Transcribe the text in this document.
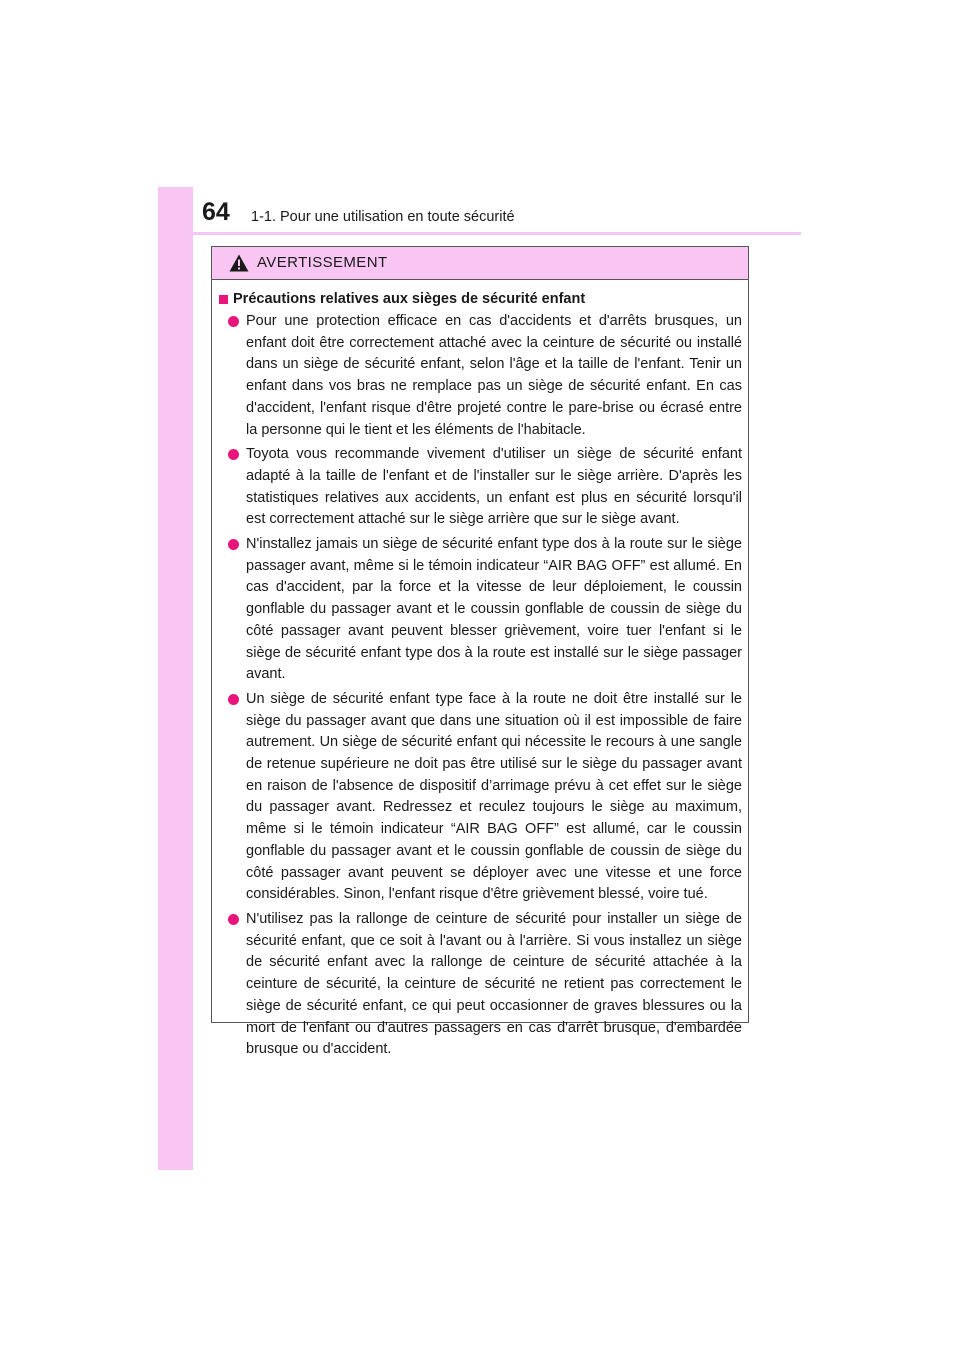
64 1-1. Pour une utilisation en toute sécurité
AVERTISSEMENT
Précautions relatives aux sièges de sécurité enfant
Pour une protection efficace en cas d'accidents et d'arrêts brusques, un enfant doit être correctement attaché avec la ceinture de sécurité ou installé dans un siège de sécurité enfant, selon l'âge et la taille de l'enfant. Tenir un enfant dans vos bras ne remplace pas un siège de sécurité enfant. En cas d'accident, l'enfant risque d'être projeté contre le pare-brise ou écrasé entre la personne qui le tient et les éléments de l'habitacle.
Toyota vous recommande vivement d'utiliser un siège de sécurité enfant adapté à la taille de l'enfant et de l'installer sur le siège arrière. D'après les statistiques relatives aux accidents, un enfant est plus en sécurité lorsqu'il est correctement attaché sur le siège arrière que sur le siège avant.
N'installez jamais un siège de sécurité enfant type dos à la route sur le siège passager avant, même si le témoin indicateur “AIR BAG OFF” est allumé. En cas d'accident, par la force et la vitesse de leur déploiement, le coussin gonflable du passager avant et le coussin gonflable de coussin de siège du côté passager avant peuvent blesser grièvement, voire tuer l'enfant si le siège de sécurité enfant type dos à la route est installé sur le siège passager avant.
Un siège de sécurité enfant type face à la route ne doit être installé sur le siège du passager avant que dans une situation où il est impossible de faire autrement. Un siège de sécurité enfant qui nécessite le recours à une sangle de retenue supérieure ne doit pas être utilisé sur le siège du passager avant en raison de l'absence de dispositif d’arrimage prévu à cet effet sur le siège du passager avant. Redressez et reculez toujours le siège au maximum, même si le témoin indicateur “AIR BAG OFF” est allumé, car le coussin gonflable du passager avant et le coussin gonflable de coussin de siège du côté passager avant peuvent se déployer avec une vitesse et une force considérables. Sinon, l'enfant risque d'être grièvement blessé, voire tué.
N'utilisez pas la rallonge de ceinture de sécurité pour installer un siège de sécurité enfant, que ce soit à l'avant ou à l'arrière. Si vous installez un siège de sécurité enfant avec la rallonge de ceinture de sécurité attachée à la ceinture de sécurité, la ceinture de sécurité ne retient pas correctement le siège de sécurité enfant, ce qui peut occasionner de graves blessures ou la mort de l'enfant ou d'autres passagers en cas d'arrêt brusque, d'embardée brusque ou d'accident.
